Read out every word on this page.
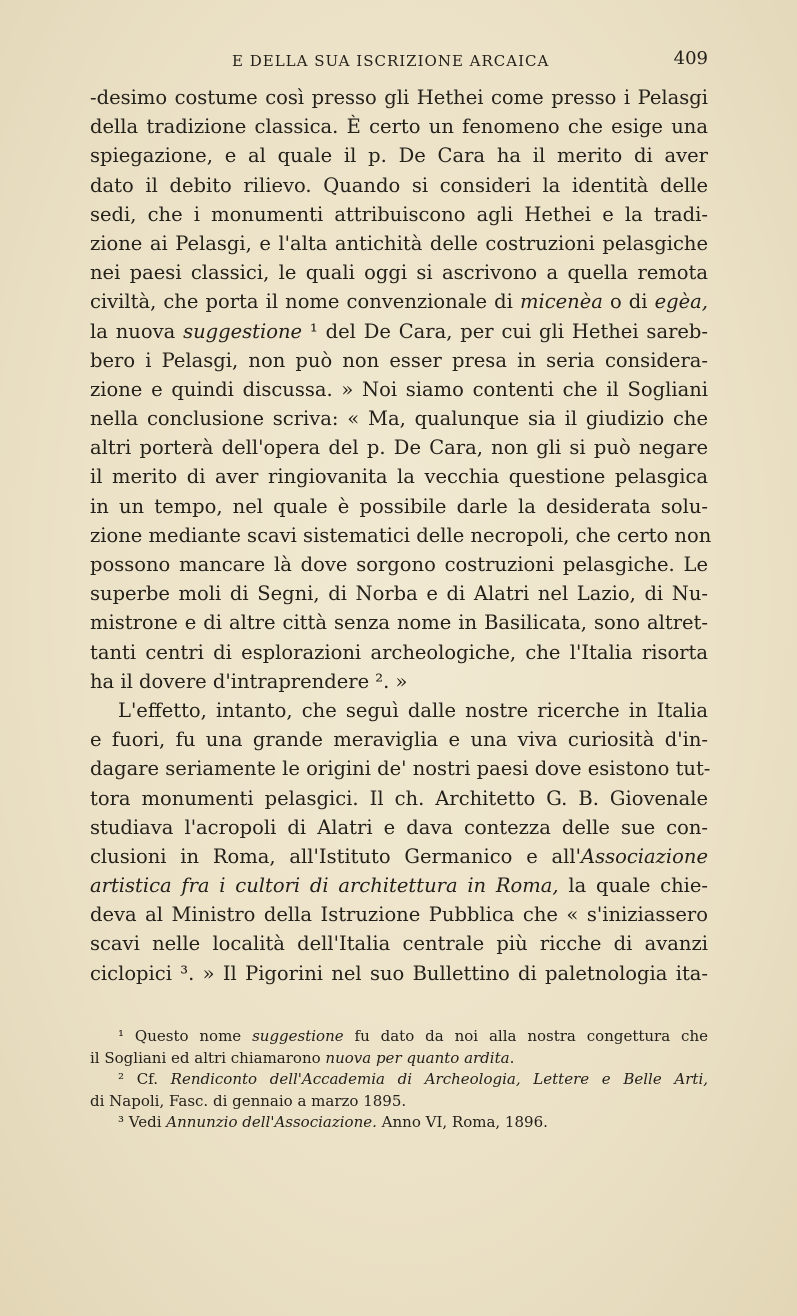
E DELLA SUA ISCRIZIONE ARCAICA	409
-desimo costume così presso gli Hethei come presso i Pelasgi
della tradizione classica. È certo un fenomeno che esige una
spiegazione, e al quale il p. De Cara ha il merito di aver
dato il debito rilievo. Quando si consideri la identità delle
sedi, che i monumenti attribuiscono agli Hethei e la tradi-
zione ai Pelasgi, e l'alta antichità delle costruzioni pelasgiche
nei paesi classici, le quali oggi si ascrivono a quella remota
civiltà, che porta il nome convenzionale di micenèa o di egèa,
la nuova suggestione ¹ del De Cara, per cui gli Hethei sareb-
bero i Pelasgi, non può non esser presa in seria considera-
zione e quindi discussa. » Noi siamo contenti che il Sogliani
nella conclusione scriva: « Ma, qualunque sia il giudizio che
altri porterà dell'opera del p. De Cara, non gli si può negare
il merito di aver ringiovanita la vecchia questione pelasgica
in un tempo, nel quale è possibile darle la desiderata solu-
zione mediante scavi sistematici delle necropoli, che certo non
possono mancare là dove sorgono costruzioni pelasgiche. Le
superbe moli di Segni, di Norba e di Alatri nel Lazio, di Nu-
mistrone e di altre città senza nome in Basilicata, sono altret-
tanti centri di esplorazioni archeologiche, che l'Italia risorta
ha il dovere d'intraprendere ². »
L'effetto, intanto, che seguì dalle nostre ricerche in Italia
e fuori, fu una grande meraviglia e una viva curiosità d'in-
dagare seriamente le origini de' nostri paesi dove esistono tut-
tora monumenti pelasgici. Il ch. Architetto G. B. Giovenale
studiava l'acropoli di Alatri e dava contezza delle sue con-
clusioni in Roma, all'Istituto Germanico e all'Associazione
artistica fra i cultori di architettura in Roma, la quale chie-
deva al Ministro della Istruzione Pubblica che « s'iniziassero
scavi nelle località dell'Italia centrale più ricche di avanzi
ciclopici ³. » Il Pigorini nel suo Bullettino di paletnologia ita-
¹ Questo nome suggestione fu dato da noi alla nostra congettura che
il Sogliani ed altri chiamarono nuova per quanto ardita.
² Cf. Rendiconto dell'Accademia di Archeologia, Lettere e Belle Arti,
di Napoli, Fasc. di gennaio a marzo 1895.
³ Vedi Annunzio dell'Associazione. Anno VI, Roma, 1896.
